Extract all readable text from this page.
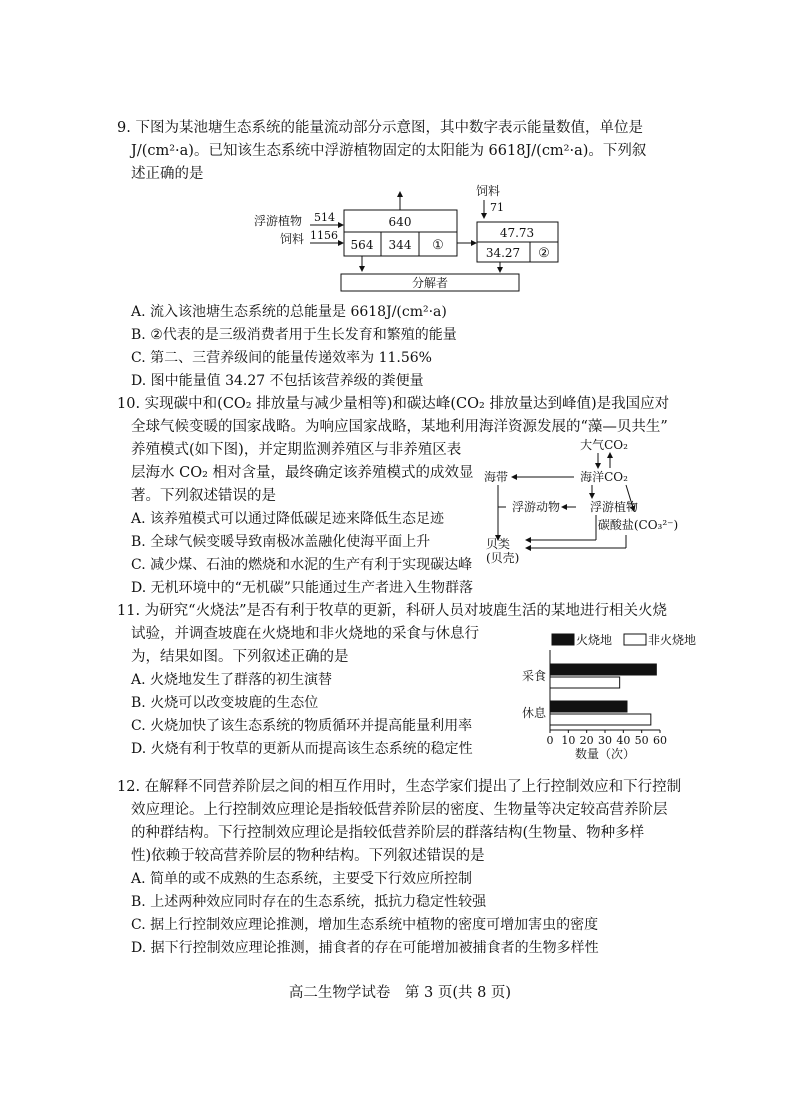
9. 下图为某池塘生态系统的能量流动部分示意图，其中数字表示能量数值，单位是
J/(cm²·a)。已知该生态系统中浮游植物固定的太阳能为 6618J/(cm²·a)。下列叙
述正确的是
浮游植物 514
饲料 1156
640
564 344 ①
饲料
71
47.73
34.27 ②
分解者
A. 流入该池塘生态系统的总能量是 6618J/(cm²·a)
B. ②代表的是三级消费者用于生长发育和繁殖的能量
C. 第二、三营养级间的能量传递效率为 11.56%
D. 图中能量值 34.27 不包括该营养级的粪便量
10. 实现碳中和(CO₂ 排放量与减少量相等)和碳达峰(CO₂ 排放量达到峰值)是我国应对
全球气候变暖的国家战略。为响应国家战略，某地利用海洋资源发展的“藻—贝共生”
养殖模式(如下图)，并定期监测养殖区与非养殖区表
层海水 CO₂ 相对含量，最终确定该养殖模式的成效显
著。下列叙述错误的是
大气CO₂
海洋CO₂
海带
浮游植物
浮游动物
碳酸盐(CO₃²⁻)
贝类
(贝壳)
A. 该养殖模式可以通过降低碳足迹来降低生态足迹
B. 全球气候变暖导致南极冰盖融化使海平面上升
C. 减少煤、石油的燃烧和水泥的生产有利于实现碳达峰
D. 无机环境中的“无机碳”只能通过生产者进入生物群落
11. 为研究“火烧法”是否有利于牧草的更新，科研人员对坡鹿生活的某地进行相关火烧
试验，并调查坡鹿在火烧地和非火烧地的采食与休息行
为，结果如图。下列叙述正确的是
A. 火烧地发生了群落的初生演替
B. 火烧可以改变坡鹿的生态位
C. 火烧加快了该生态系统的物质循环并提高能量利用率
D. 火烧有利于牧草的更新从而提高该生态系统的稳定性
火烧地	非火烧地
采食
休息
0 10 20 30 40 50 60
数量（次）
12. 在解释不同营养阶层之间的相互作用时，生态学家们提出了上行控制效应和下行控制
效应理论。上行控制效应理论是指较低营养阶层的密度、生物量等决定较高营养阶层
的种群结构。下行控制效应理论是指较低营养阶层的群落结构(生物量、物种多样
性)依赖于较高营养阶层的物种结构。下列叙述错误的是
A. 简单的或不成熟的生态系统，主要受下行效应所控制
B. 上述两种效应同时存在的生态系统，抵抗力稳定性较强
C. 据上行控制效应理论推测，增加生态系统中植物的密度可增加害虫的密度
D. 据下行控制效应理论推测，捕食者的存在可能增加被捕食者的生物多样性
高二生物学试卷　第 3 页(共 8 页)
